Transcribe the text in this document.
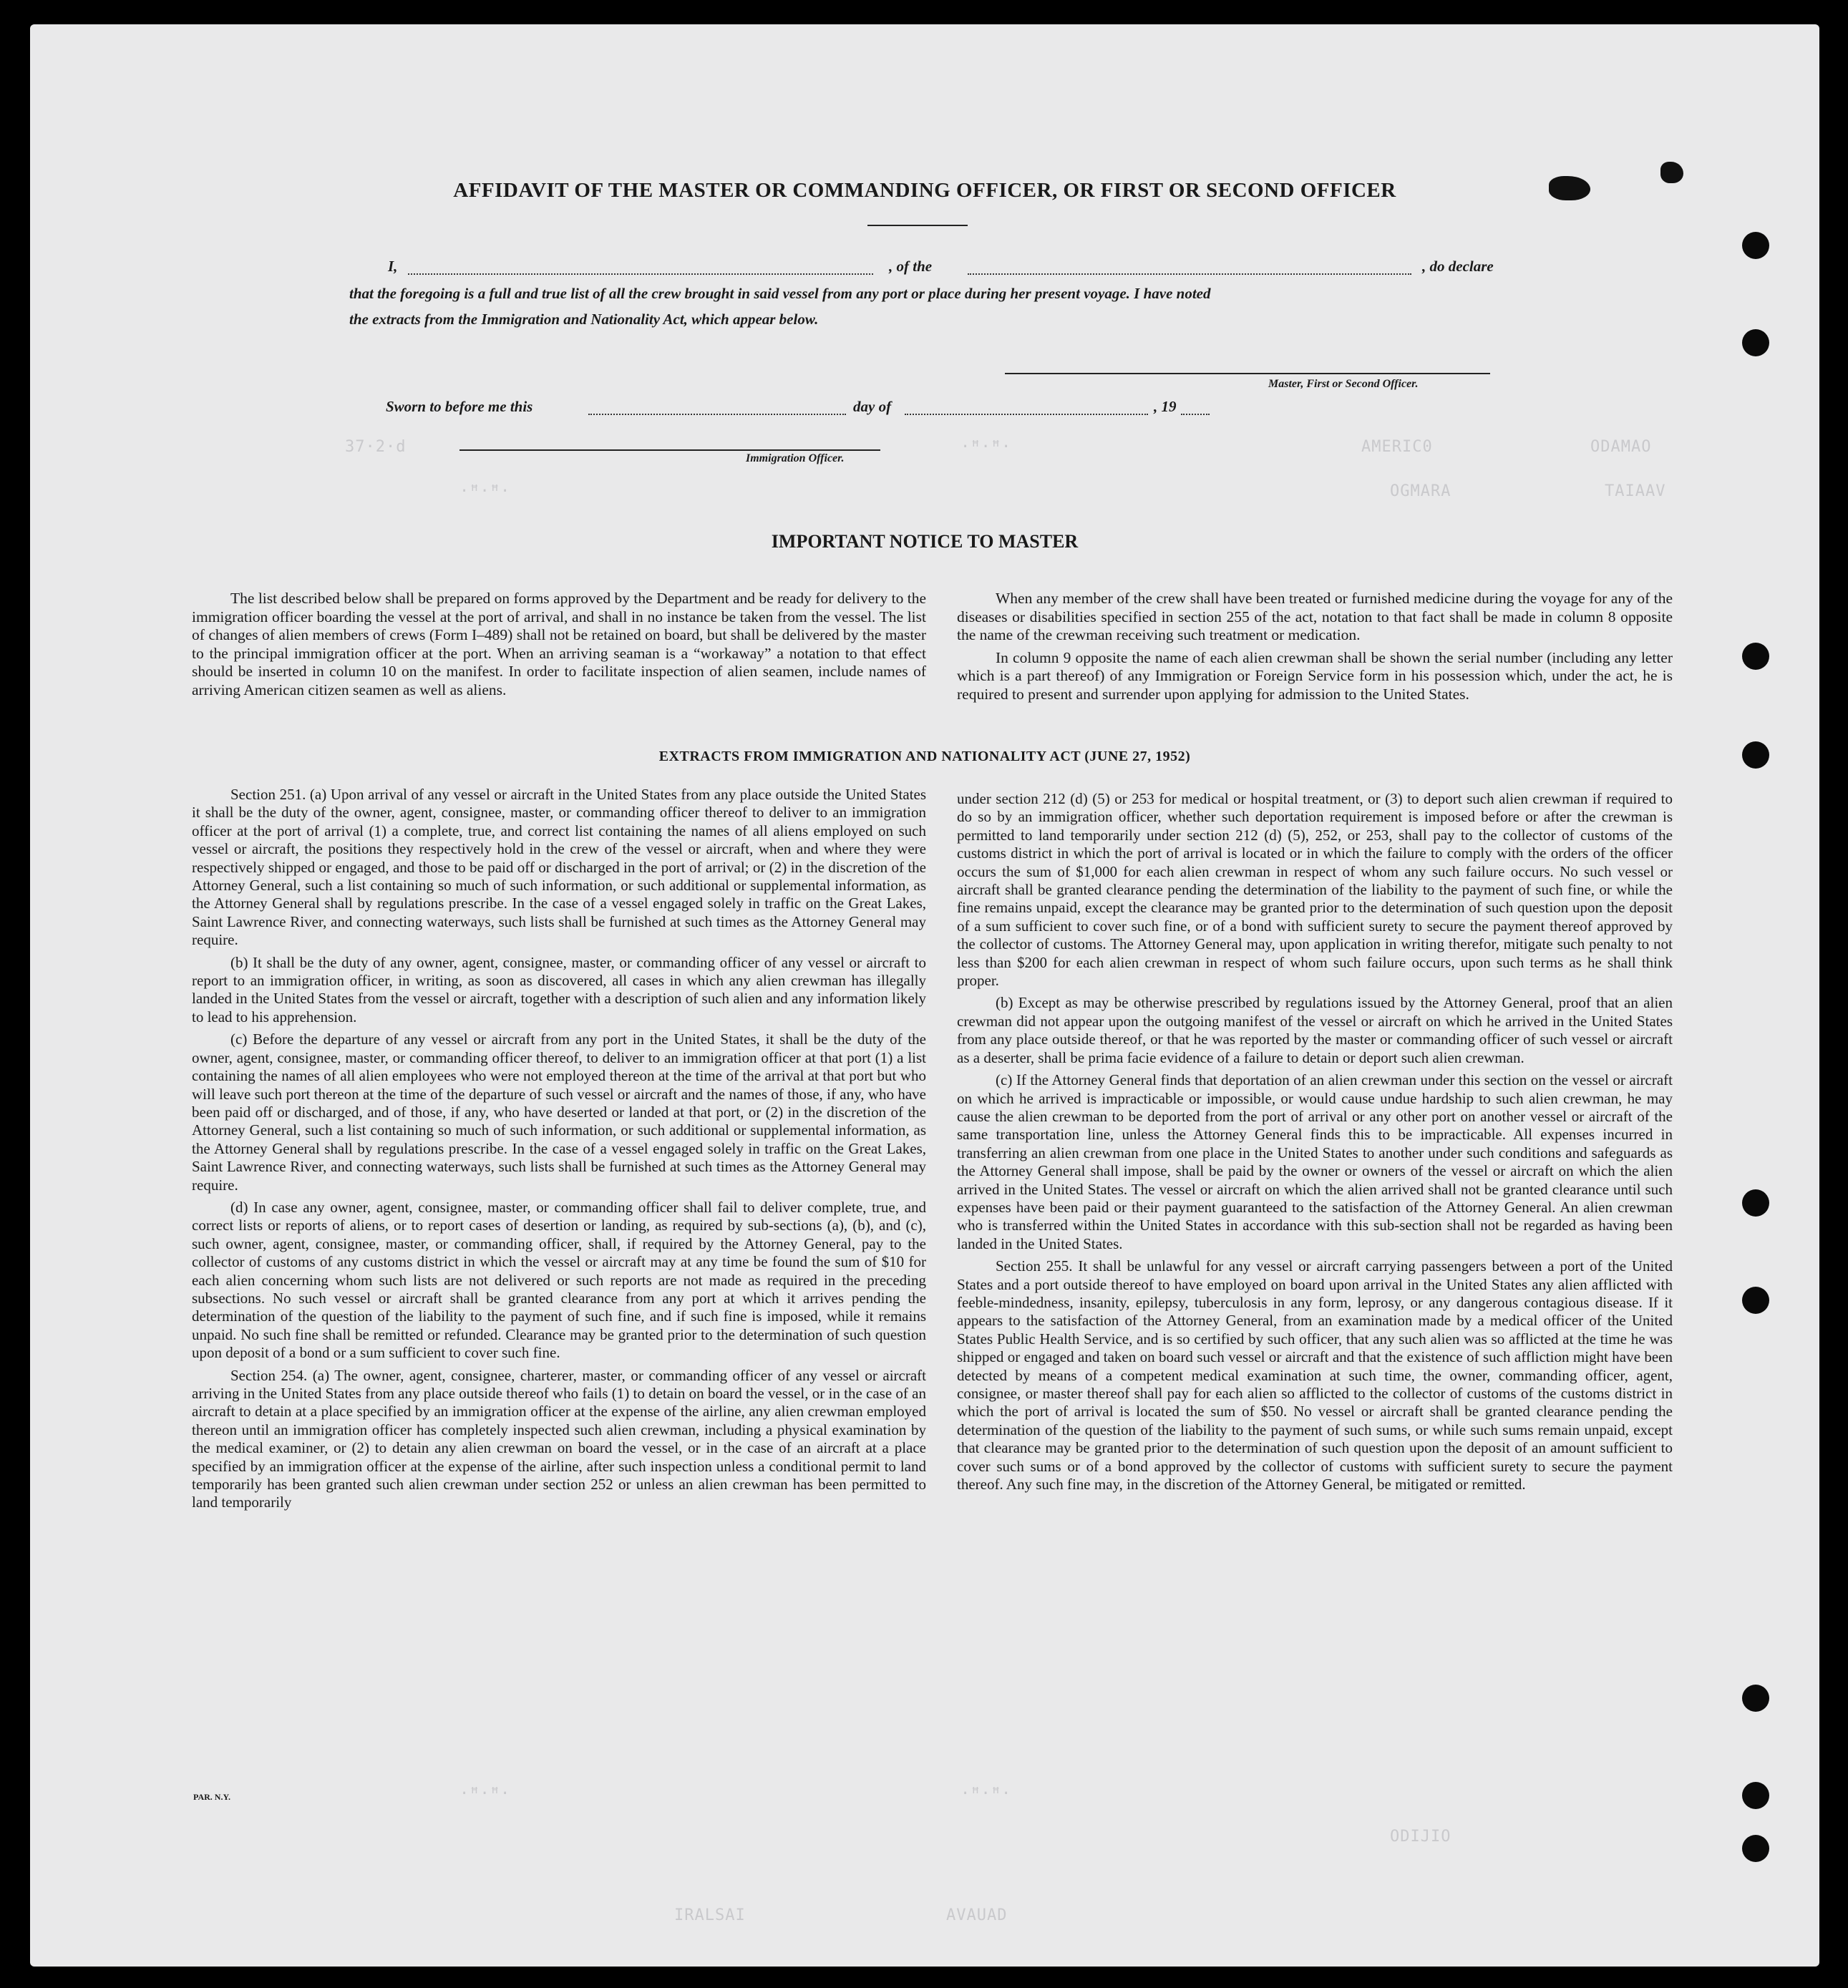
37·2·d	·ꟸ·ꟸ·	AMERIC0	ODAMAO
·ꟸ·ꟸ·	OGMARA	TAIAAV
·ꟸ·ꟸ·	·ꟸ·ꟸ·
ODIJIO
IRALSAI	AVAUAD
AFFIDAVIT OF THE MASTER OR COMMANDING OFFICER, OR FIRST OR SECOND OFFICER
I,	, of the	, do declare
that the foregoing is a full and true list of all the crew brought in said vessel from any port or place during her present voyage. I have noted
the extracts from the Immigration and Nationality Act, which appear below.
Master, First or Second Officer.
Sworn to before me this	day of	, 19
Immigration Officer.
IMPORTANT NOTICE TO MASTER

The list described below shall be prepared on forms approved by the Department and be ready for delivery to the immigration officer boarding the vessel at the port of arrival, and shall in no instance be taken from the vessel. The list of changes of alien members of crews (Form I–489) shall not be retained on board, but shall be delivered by the master to the principal immigration officer at the port. When an arriving seaman is a “workaway” a notation to that effect should be inserted in column 10 on the manifest. In order to facilitate inspection of alien seamen, include names of arriving American citizen seamen as well as aliens.

When any member of the crew shall have been treated or furnished medicine during the voyage for any of the diseases or disabilities specified in section 255 of the act, notation to that fact shall be made in column 8 opposite the name of the crewman receiving such treatment or medication.

In column 9 opposite the name of each alien crewman shall be shown the serial number (including any letter which is a part thereof) of any Immigration or Foreign Service form in his possession which, under the act, he is required to present and surrender upon applying for admission to the United States.

EXTRACTS FROM IMMIGRATION AND NATIONALITY ACT (JUNE 27, 1952)

Section 251. (a) Upon arrival of any vessel or aircraft in the United States from any place outside the United States it shall be the duty of the owner, agent, consignee, master, or commanding officer thereof to deliver to an immigration officer at the port of arrival (1) a complete, true, and correct list containing the names of all aliens employed on such vessel or aircraft, the positions they respectively hold in the crew of the vessel or aircraft, when and where they were respectively shipped or engaged, and those to be paid off or discharged in the port of arrival; or (2) in the discretion of the Attorney General, such a list containing so much of such information, or such additional or supplemental information, as the Attorney General shall by regulations prescribe. In the case of a vessel engaged solely in traffic on the Great Lakes, Saint Lawrence River, and connecting waterways, such lists shall be furnished at such times as the Attorney General may require.

(b) It shall be the duty of any owner, agent, consignee, master, or commanding officer of any vessel or aircraft to report to an immigration officer, in writing, as soon as discovered, all cases in which any alien crewman has illegally landed in the United States from the vessel or aircraft, together with a description of such alien and any information likely to lead to his apprehension.

(c) Before the departure of any vessel or aircraft from any port in the United States, it shall be the duty of the owner, agent, consignee, master, or commanding officer thereof, to deliver to an immigration officer at that port (1) a list containing the names of all alien employees who were not employed thereon at the time of the arrival at that port but who will leave such port thereon at the time of the departure of such vessel or aircraft and the names of those, if any, who have been paid off or discharged, and of those, if any, who have deserted or landed at that port, or (2) in the discretion of the Attorney General, such a list containing so much of such information, or such additional or supplemental information, as the Attorney General shall by regulations prescribe. In the case of a vessel engaged solely in traffic on the Great Lakes, Saint Lawrence River, and connecting waterways, such lists shall be furnished at such times as the Attorney General may require.

(d) In case any owner, agent, consignee, master, or commanding officer shall fail to deliver complete, true, and correct lists or reports of aliens, or to report cases of desertion or landing, as required by sub-sections (a), (b), and (c), such owner, agent, consignee, master, or commanding officer, shall, if required by the Attorney General, pay to the collector of customs of any customs district in which the vessel or aircraft may at any time be found the sum of $10 for each alien concerning whom such lists are not delivered or such reports are not made as required in the preceding subsections. No such vessel or aircraft shall be granted clearance from any port at which it arrives pending the determination of the question of the liability to the payment of such fine, and if such fine is imposed, while it remains unpaid. No such fine shall be remitted or refunded. Clearance may be granted prior to the determination of such question upon deposit of a bond or a sum sufficient to cover such fine.

Section 254. (a) The owner, agent, consignee, charterer, master, or commanding officer of any vessel or aircraft arriving in the United States from any place outside thereof who fails (1) to detain on board the vessel, or in the case of an aircraft to detain at a place specified by an immigration officer at the expense of the airline, any alien crewman employed thereon until an immigration officer has completely inspected such alien crewman, including a physical examination by the medical examiner, or (2) to detain any alien crewman on board the vessel, or in the case of an aircraft at a place specified by an immigration officer at the expense of the airline, after such inspection unless a conditional permit to land temporarily has been granted such alien crewman under section 252 or unless an alien crewman has been permitted to land temporarily

under section 212 (d) (5) or 253 for medical or hospital treatment, or (3) to deport such alien crewman if required to do so by an immigration officer, whether such deportation requirement is imposed before or after the crewman is permitted to land temporarily under section 212 (d) (5), 252, or 253, shall pay to the collector of customs of the customs district in which the port of arrival is located or in which the failure to comply with the orders of the officer occurs the sum of $1,000 for each alien crewman in respect of whom any such failure occurs. No such vessel or aircraft shall be granted clearance pending the determination of the liability to the payment of such fine, or while the fine remains unpaid, except the clearance may be granted prior to the determination of such question upon the deposit of a sum sufficient to cover such fine, or of a bond with sufficient surety to secure the payment thereof approved by the collector of customs. The Attorney General may, upon application in writing therefor, mitigate such penalty to not less than $200 for each alien crewman in respect of whom such failure occurs, upon such terms as he shall think proper.

(b) Except as may be otherwise prescribed by regulations issued by the Attorney General, proof that an alien crewman did not appear upon the outgoing manifest of the vessel or aircraft on which he arrived in the United States from any place outside thereof, or that he was reported by the master or commanding officer of such vessel or aircraft as a deserter, shall be prima facie evidence of a failure to detain or deport such alien crewman.

(c) If the Attorney General finds that deportation of an alien crewman under this section on the vessel or aircraft on which he arrived is impracticable or impossible, or would cause undue hardship to such alien crewman, he may cause the alien crewman to be deported from the port of arrival or any other port on another vessel or aircraft of the same transportation line, unless the Attorney General finds this to be impracticable. All expenses incurred in transferring an alien crewman from one place in the United States to another under such conditions and safeguards as the Attorney General shall impose, shall be paid by the owner or owners of the vessel or aircraft on which the alien arrived in the United States. The vessel or aircraft on which the alien arrived shall not be granted clearance until such expenses have been paid or their payment guaranteed to the satisfaction of the Attorney General. An alien crewman who is transferred within the United States in accordance with this sub-section shall not be regarded as having been landed in the United States.

Section 255. It shall be unlawful for any vessel or aircraft carrying passengers between a port of the United States and a port outside thereof to have employed on board upon arrival in the United States any alien afflicted with feeble-mindedness, insanity, epilepsy, tuberculosis in any form, leprosy, or any dangerous contagious disease. If it appears to the satisfaction of the Attorney General, from an examination made by a medical officer of the United States Public Health Service, and is so certified by such officer, that any such alien was so afflicted at the time he was shipped or engaged and taken on board such vessel or aircraft and that the existence of such affliction might have been detected by means of a competent medical examination at such time, the owner, commanding officer, agent, consignee, or master thereof shall pay for each alien so afflicted to the collector of customs of the customs district in which the port of arrival is located the sum of $50. No vessel or aircraft shall be granted clearance pending the determination of the question of the liability to the payment of such sums, or while such sums remain unpaid, except that clearance may be granted prior to the determination of such question upon the deposit of an amount sufficient to cover such sums or of a bond approved by the collector of customs with sufficient surety to secure the payment thereof. Any such fine may, in the discretion of the Attorney General, be mitigated or remitted.

PAR. N.Y.
